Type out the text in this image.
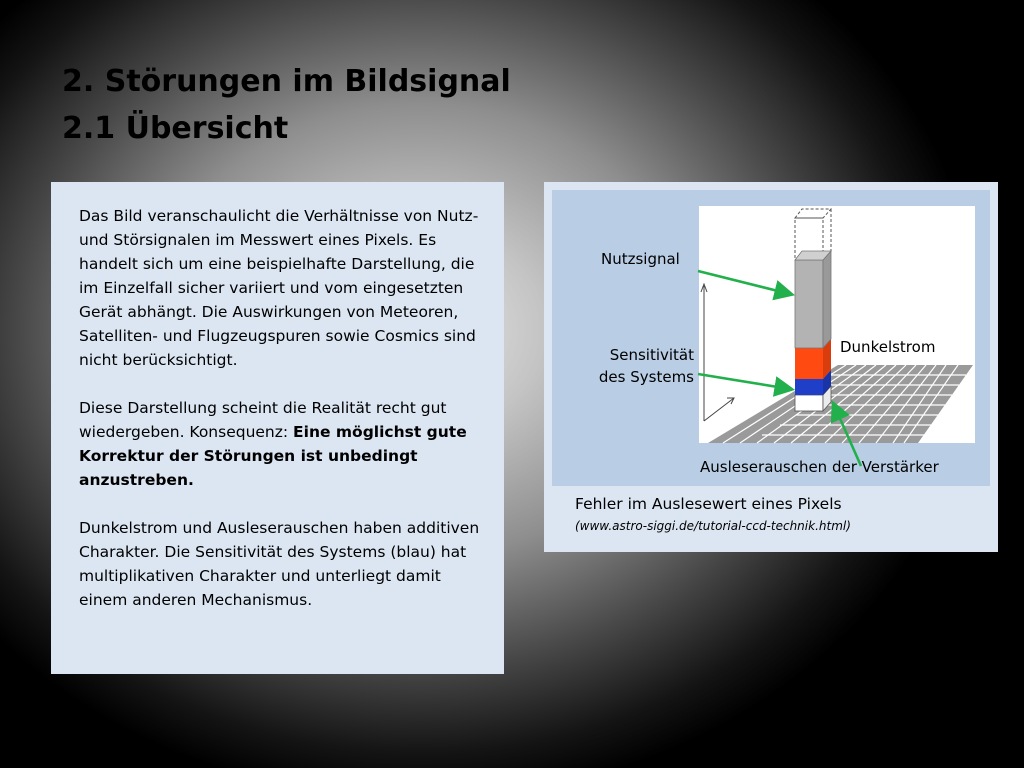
2. Störungen im Bildsignal
2.1 Übersicht

Das Bild veranschaulicht die Verhältnisse von Nutz- und Störsignalen im Messwert eines Pixels. Es handelt sich um eine beispielhafte Darstellung, die im Einzelfall sicher variiert und vom eingesetzten Gerät abhängt. Die Auswirkungen von Meteoren, Satelliten- und Flugzeugspuren sowie Cosmics sind nicht berücksichtigt.

Diese Darstellung scheint die Realität recht gut wiedergeben. Konsequenz: Eine möglichst gute Korrektur der Störungen ist unbedingt anzustreben.

Dunkelstrom und Ausleserauschen haben additiven Charakter. Die Sensitivität des Systems (blau) hat multiplikativen Charakter und unterliegt damit einem anderen Mechanismus.

Nutzsignal
Sensitivität
des Systems
Dunkelstrom
Ausleserauschen der Verstärker
Fehler im Auslesewert eines Pixels
(www.astro-siggi.de/tutorial-ccd-technik.html)
